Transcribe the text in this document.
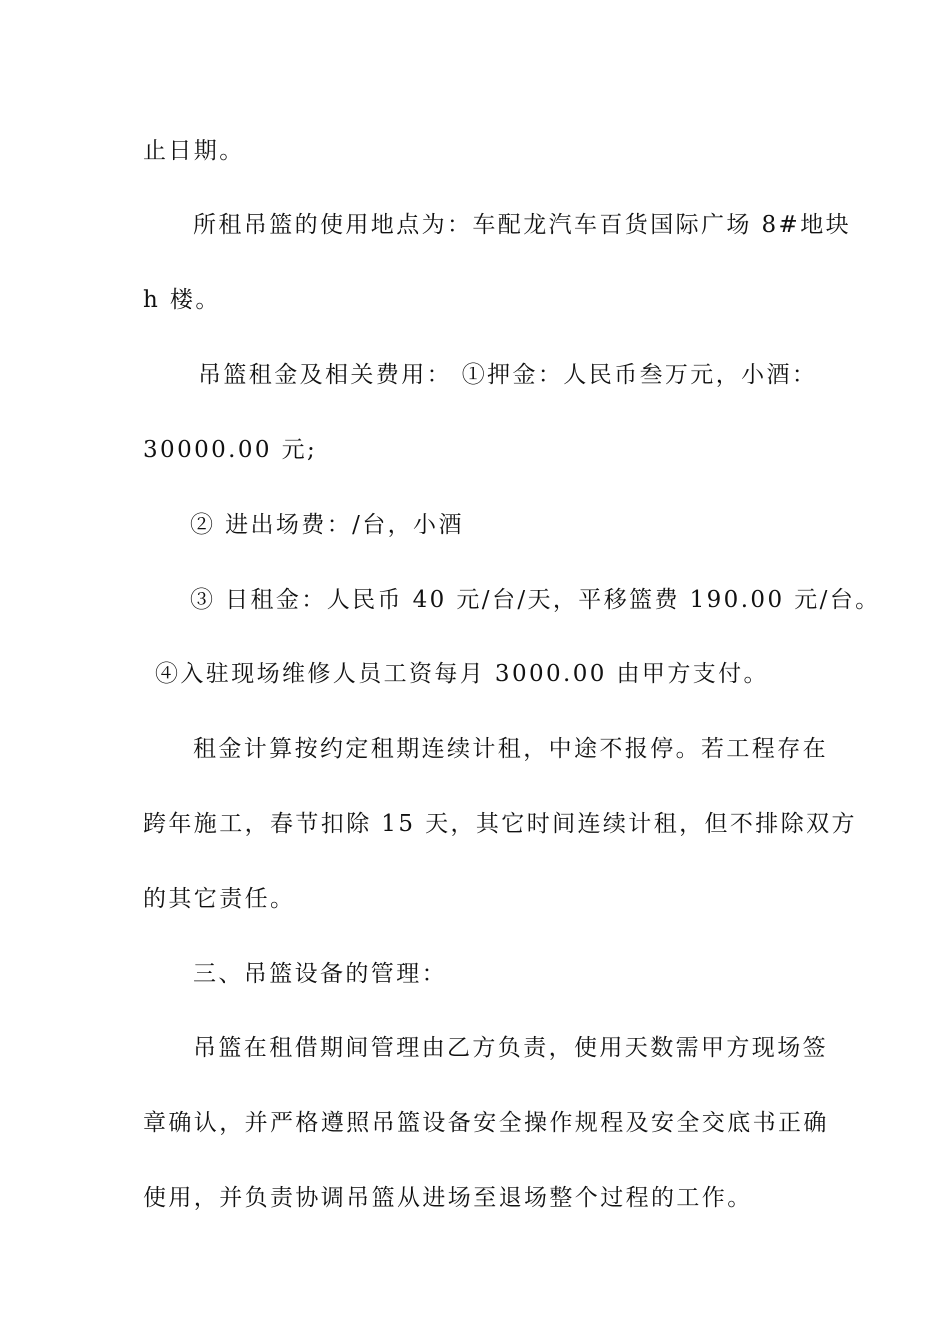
止日期。
所租吊篮的使用地点为：车配龙汽车百货国际广场 8#地块
h 楼。
吊篮租金及相关费用： ①押金：人民币叁万元，小酒：
30000.00 元;
② 进出场费：/台，小酒
③ 日租金：人民币 40 元/台/天，平移篮费 190.00 元/台。
④入驻现场维修人员工资每月 3000.00 由甲方支付。
租金计算按约定租期连续计租，中途不报停。若工程存在
跨年施工，春节扣除 15 天，其它时间连续计租，但不排除双方
的其它责任。
三、吊篮设备的管理：
吊篮在租借期间管理由乙方负责，使用天数需甲方现场签
章确认，并严格遵照吊篮设备安全操作规程及安全交底书正确
使用，并负责协调吊篮从进场至退场整个过程的工作。
